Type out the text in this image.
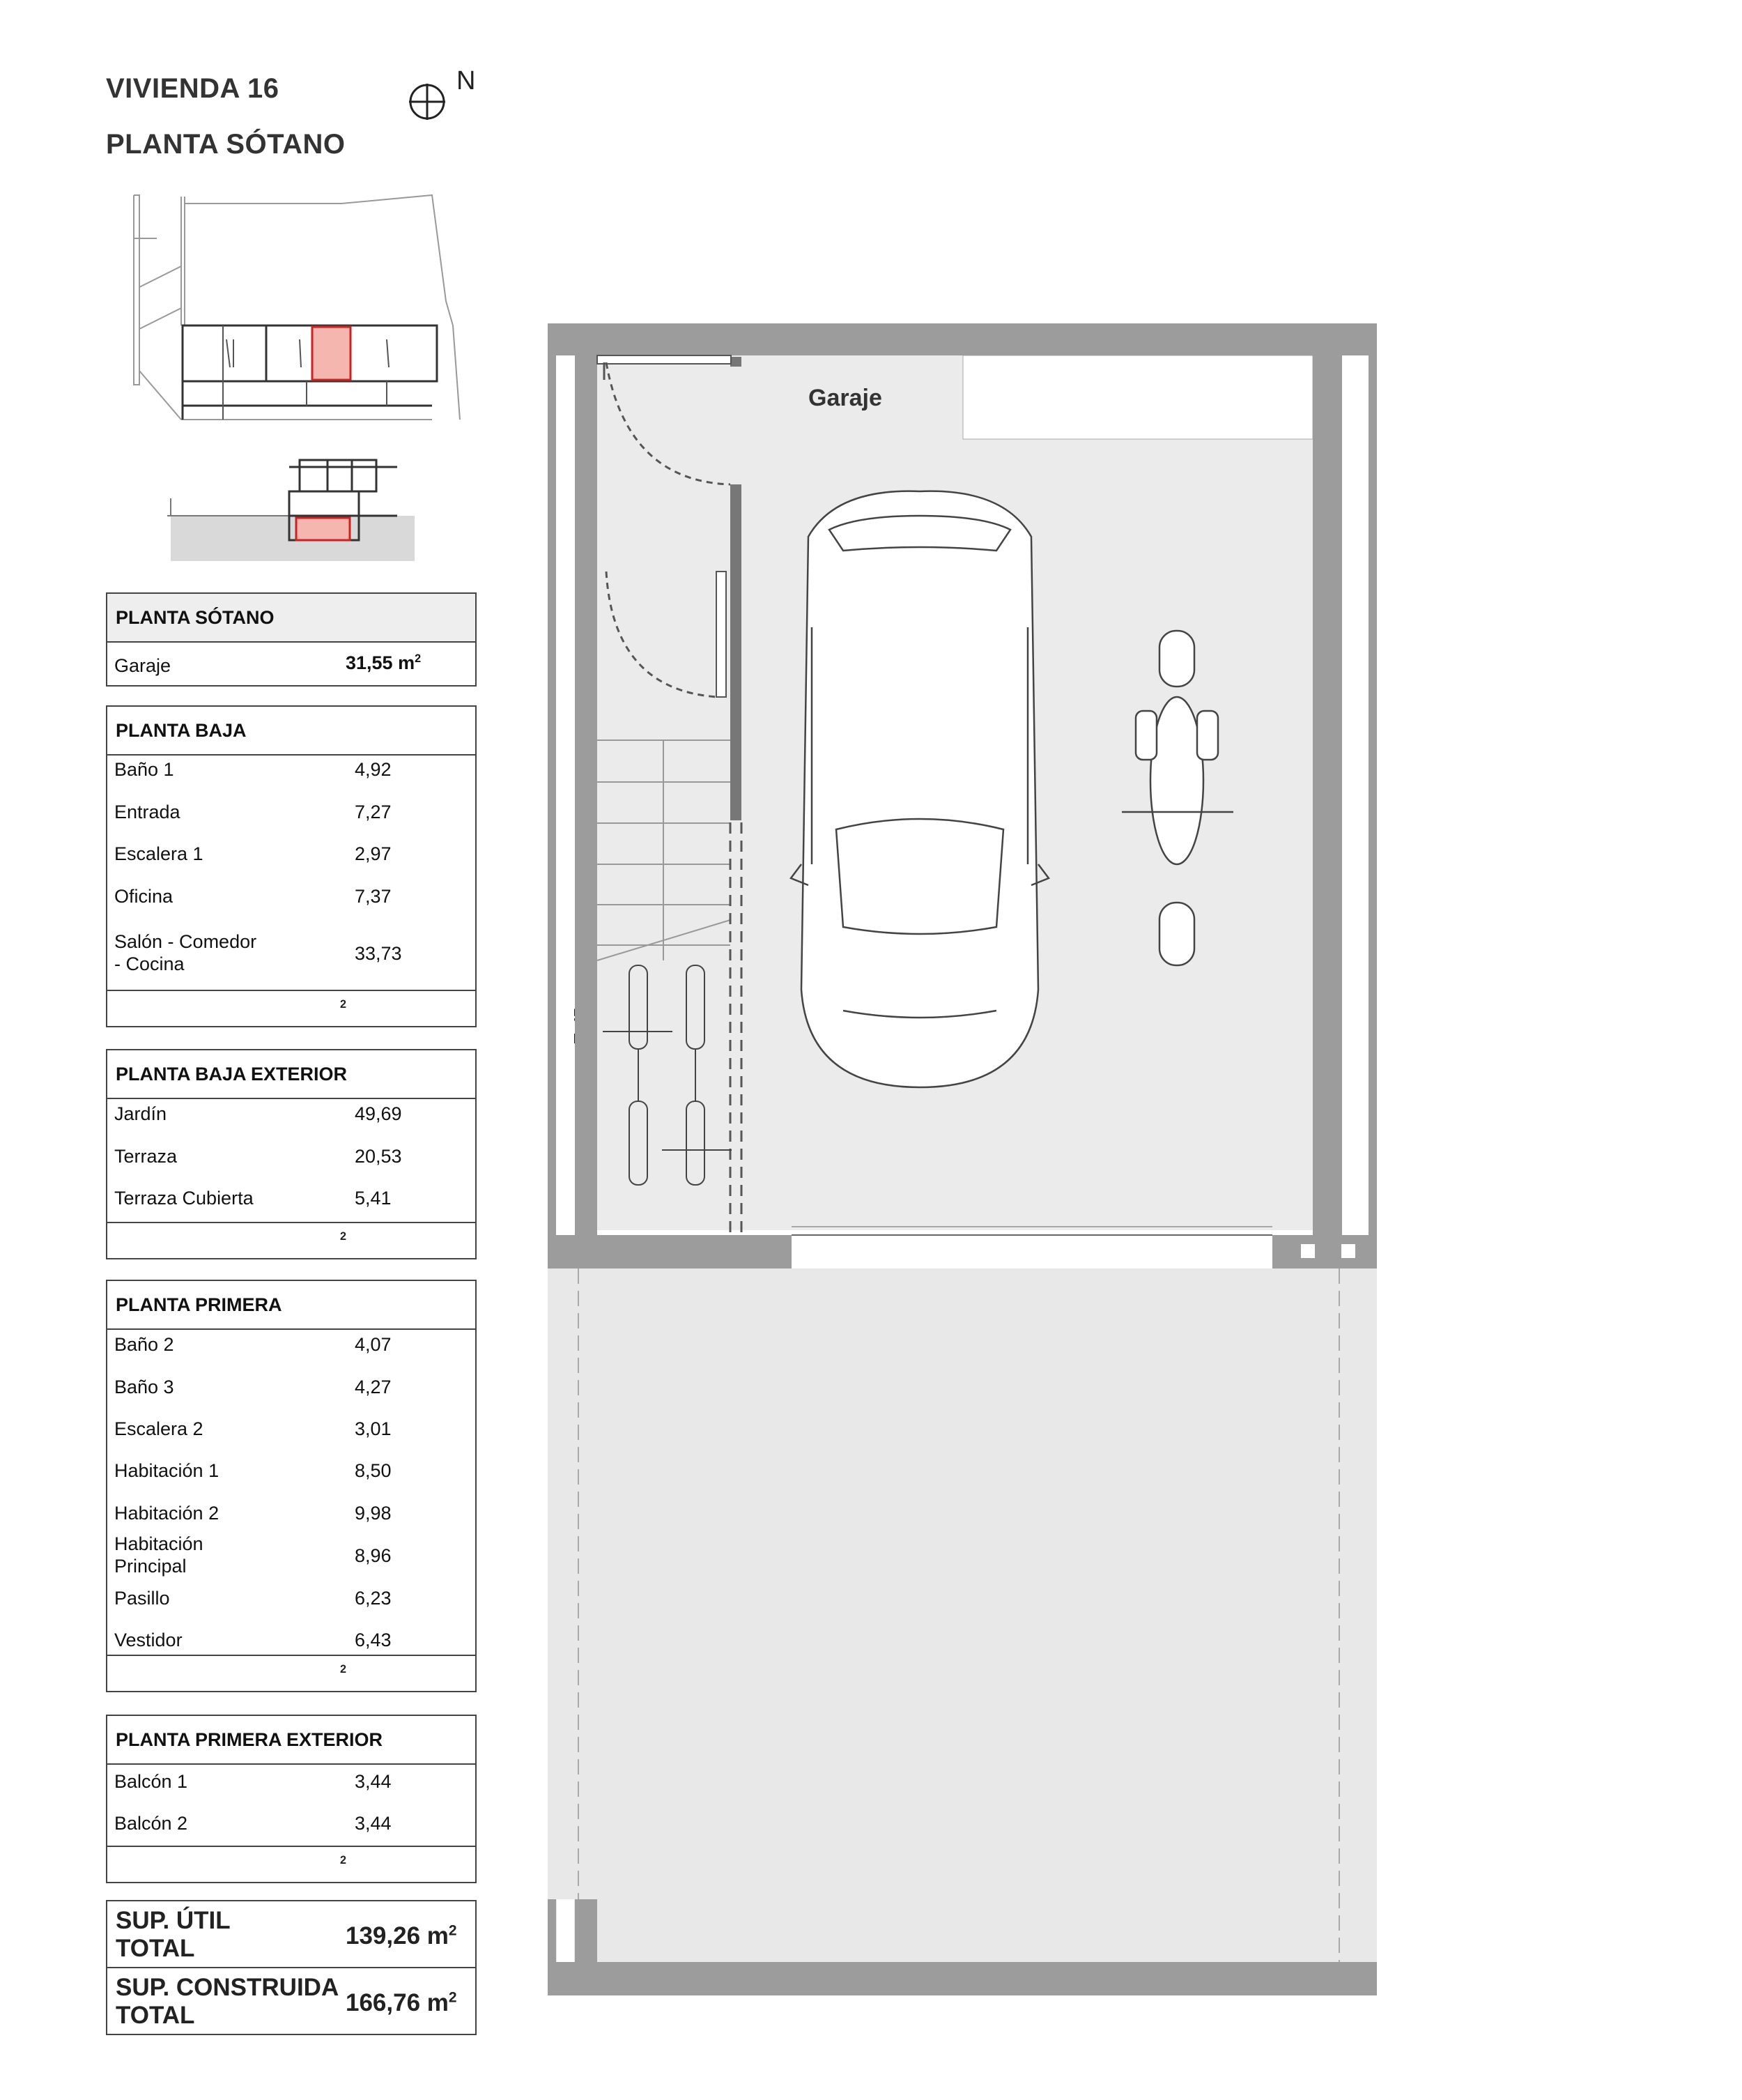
VIVIENDA 16
PLANTA SÓTANO
N
PLANTA SÓTANO
Garaje	31,55 $m^2$
PLANTA BAJA
Baño 1	4,92
Entrada	7,27
Escalera 1	2,97
Oficina	7,37
Salón - Comedor
- Cocina	33,73
$^2$
PLANTA BAJA EXTERIOR
Jardín	49,69
Terraza	20,53
Terraza Cubierta	5,41
$^2$
PLANTA PRIMERA
Baño 2	4,07
Baño 3	4,27
Escalera 2	3,01
Habitación 1	8,50
Habitación 2	9,98
Habitación
Principal	8,96
Pasillo	6,23
Vestidor	6,43
$^2$
PLANTA PRIMERA EXTERIOR
Balcón 1	3,44
Balcón 2	3,44
$^2$
SUP. ÚTIL
TOTAL	139,26 $m^2$
SUP. CONSTRUIDA
TOTAL	166,76 $m^2$
Garaje
